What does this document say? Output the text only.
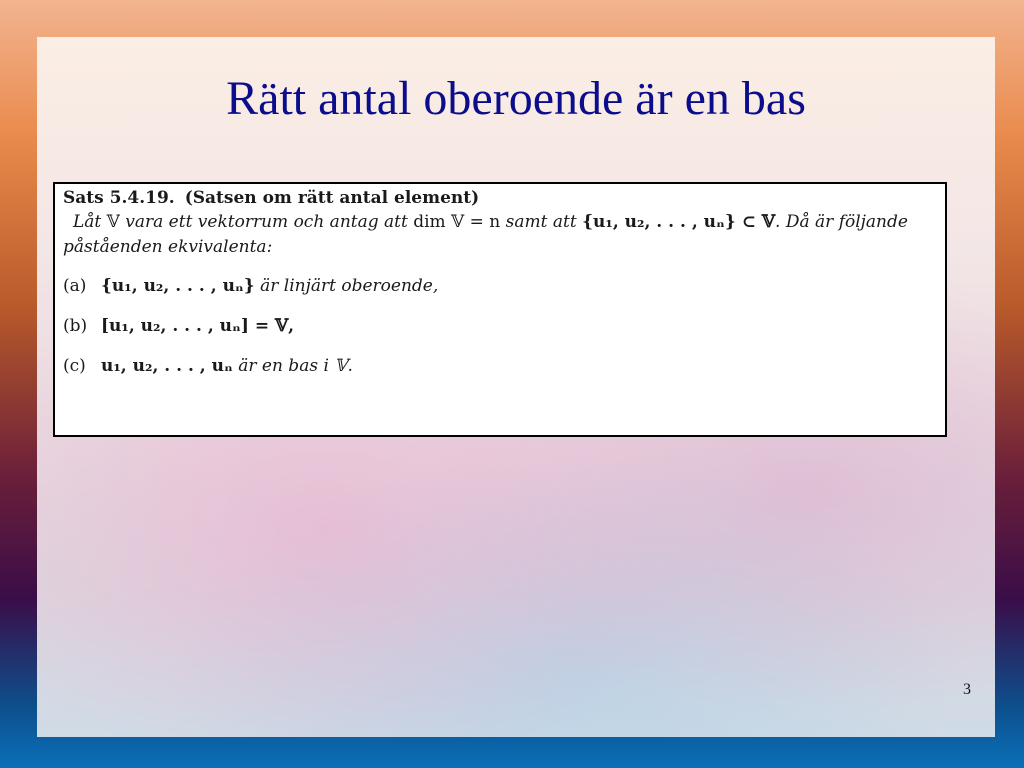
Rätt antal oberoende är en bas
Sats 5.4.19. (Satsen om rätt antal element)
Låt 𝕍 vara ett vektorrum och antag att dim 𝕍 = n samt att {u₁, u₂, . . . , uₙ} ⊂ 𝕍. Då är följande påståenden ekvivalenta:
(a) {u₁, u₂, . . . , uₙ} är linjärt oberoende,
(b) [u₁, u₂, . . . , uₙ] = 𝕍,
(c) u₁, u₂, . . . , uₙ är en bas i 𝕍.
3
